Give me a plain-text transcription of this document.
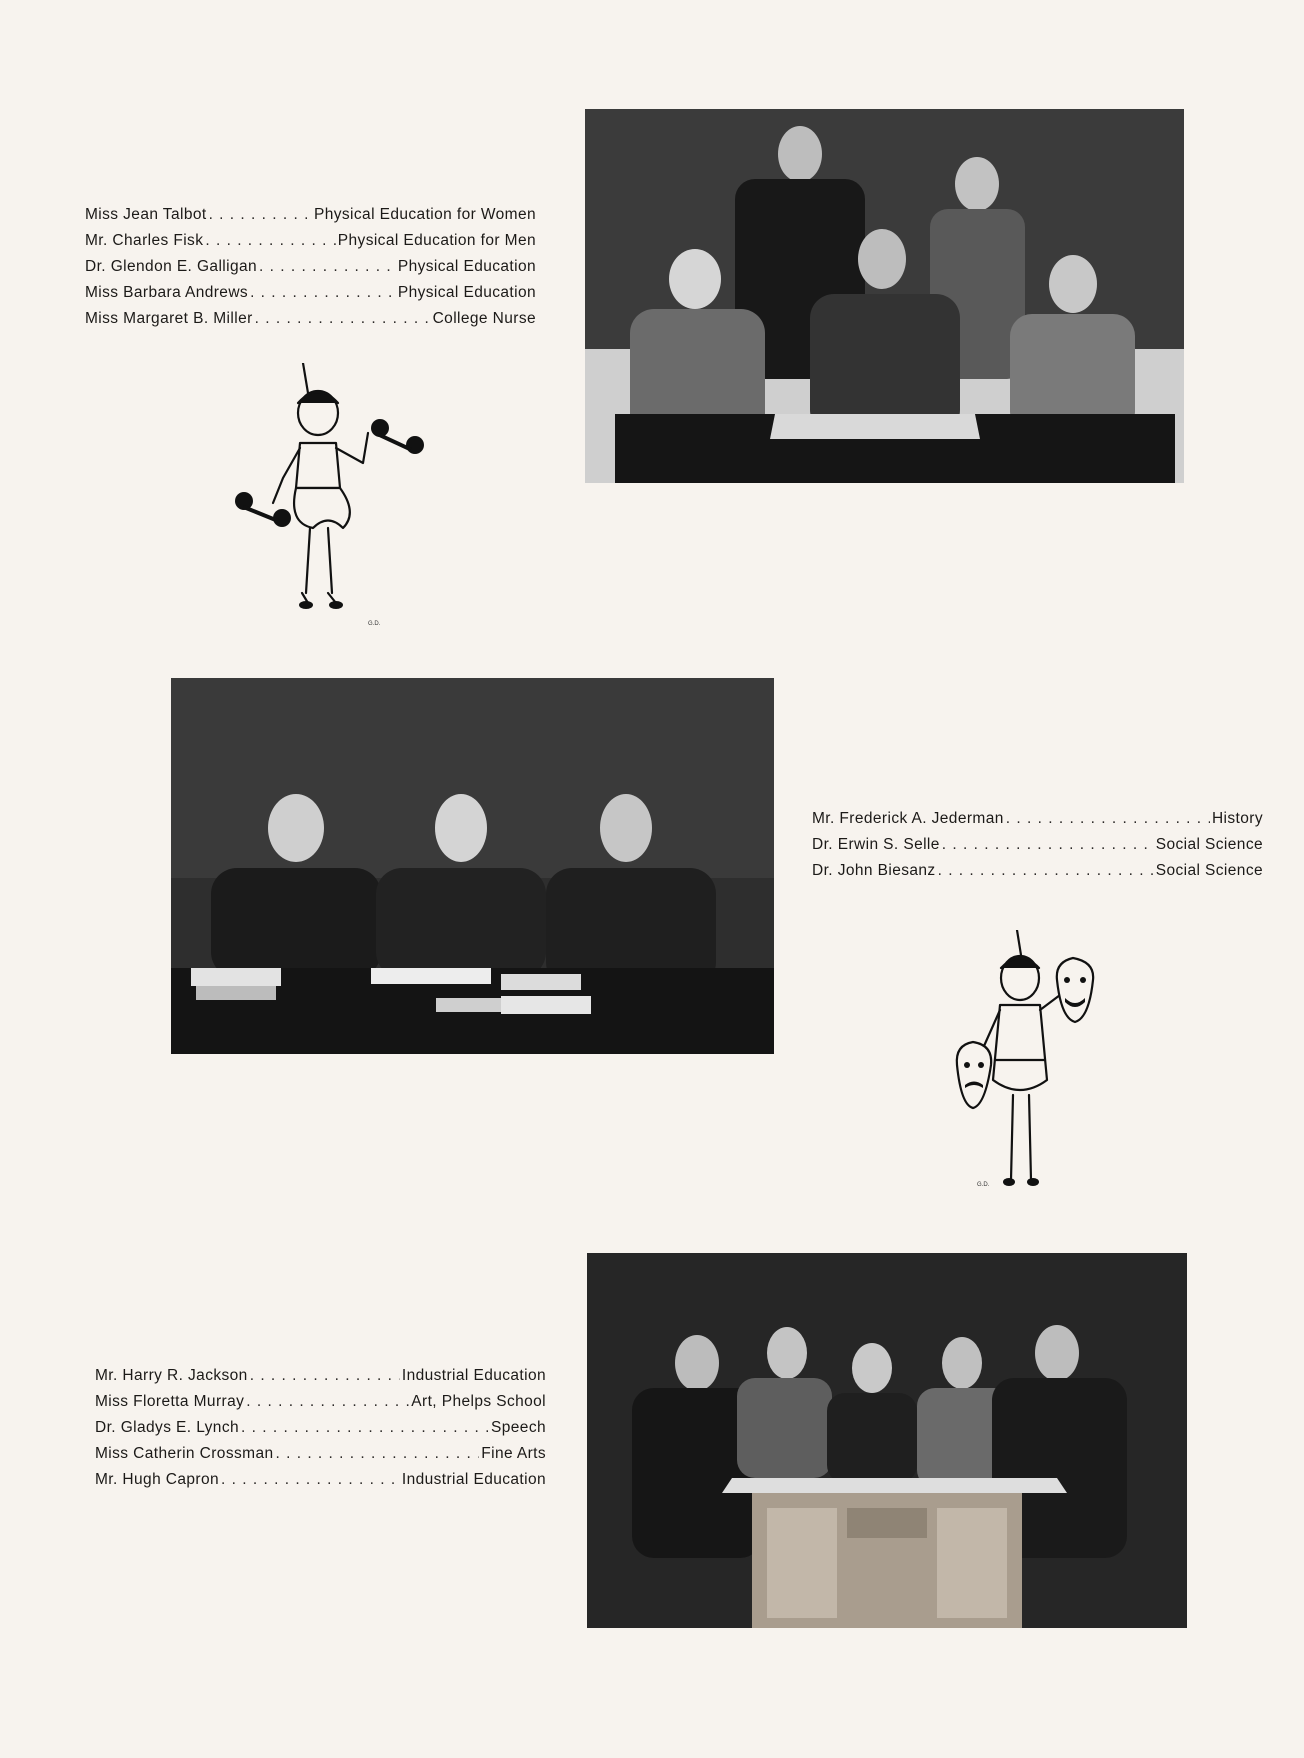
Miss Jean Talbot . . .	Physical Education for Women
Mr. Charles Fisk . . .	Physical Education for Men
Dr. Glendon E. Galligan . . .	Physical Education
Miss Barbara Andrews . . .	Physical Education
Miss Margaret B. Miller . . .	College Nurse
G.D.
Mr. Frederick A. Jederman . . .	History
Dr. Erwin S. Selle . . .	Social Science
Dr. John Biesanz . . .	Social Science
G.D.
Mr. Harry R. Jackson . . .	Industrial Education
Miss Floretta Murray . . .	Art, Phelps School
Dr. Gladys E. Lynch . . .	Speech
Miss Catherin Crossman . . .	Fine Arts
Mr. Hugh Capron . . .	Industrial Education
